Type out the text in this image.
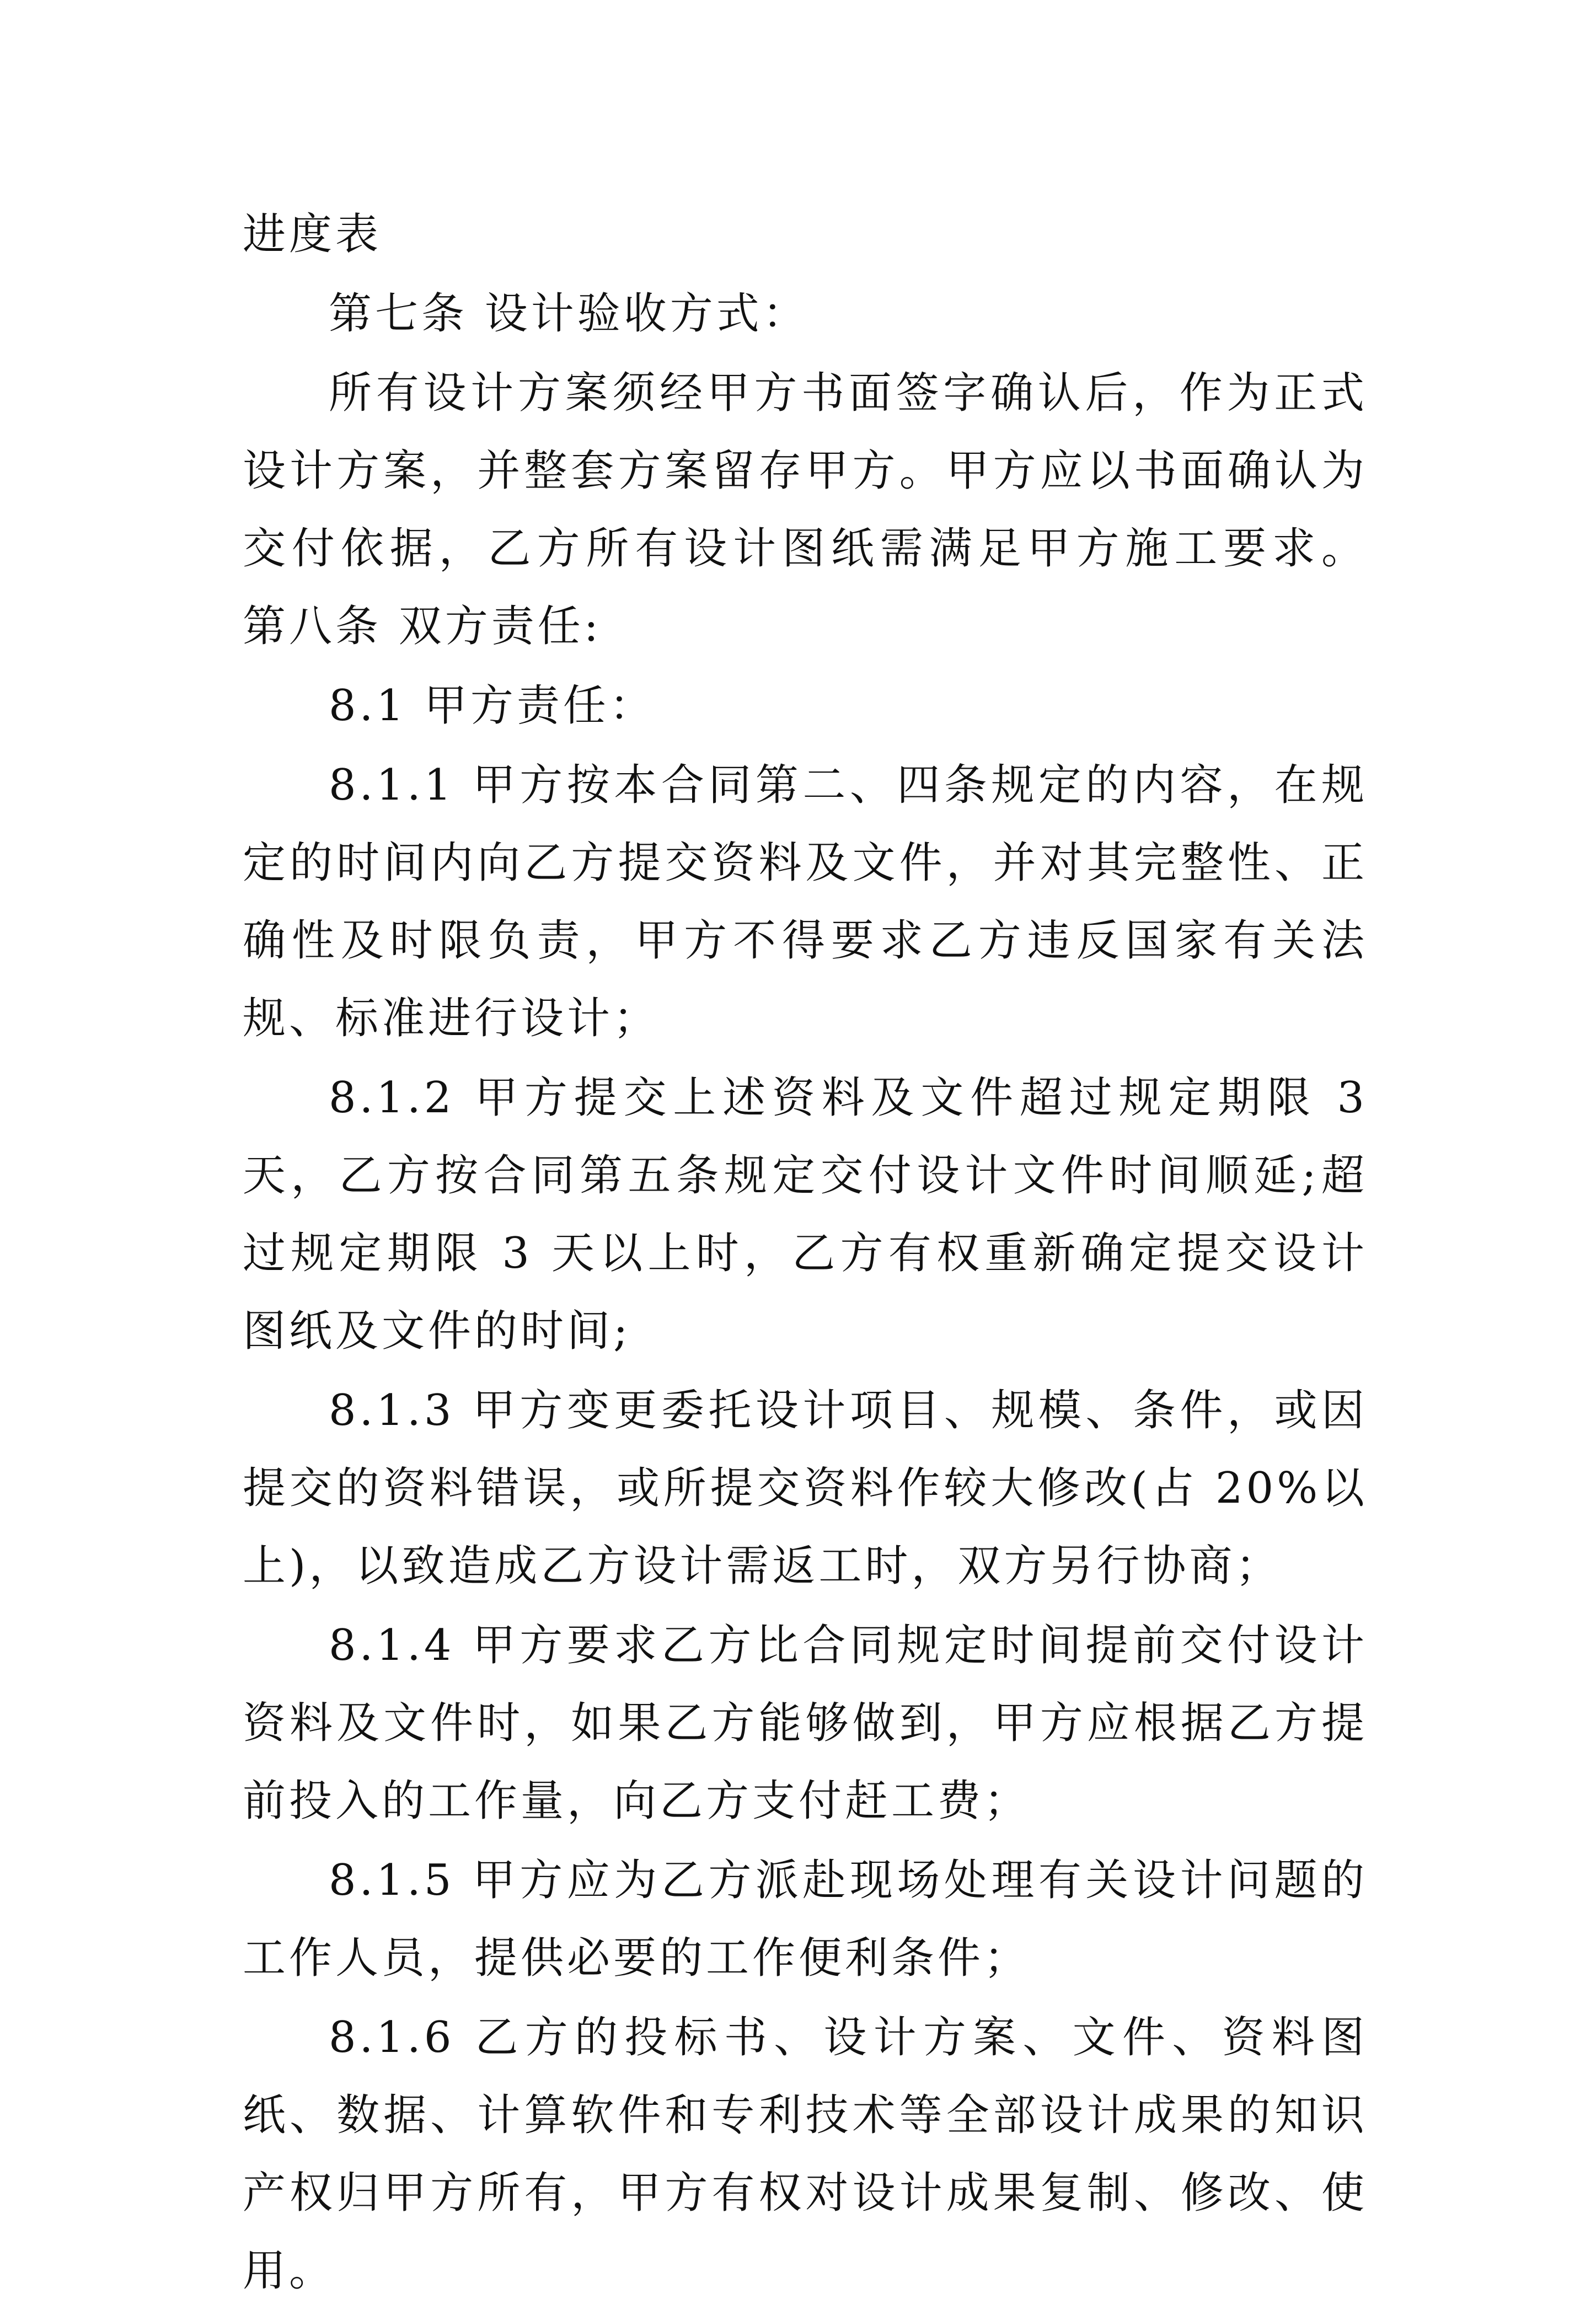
进度表

第七条 设计验收方式：

所有设计方案须经甲方书面签字确认后，作为正式设计方案，并整套方案留存甲方。甲方应以书面确认为交付依据，乙方所有设计图纸需满足甲方施工要求。 第八条 双方责任:

8.1 甲方责任：

8.1.1 甲方按本合同第二、四条规定的内容，在规定的时间内向乙方提交资料及文件，并对其完整性、正确性及时限负责，甲方不得要求乙方违反国家有关法规、标准进行设计；

8.1.2 甲方提交上述资料及文件超过规定期限 3 天，乙方按合同第五条规定交付设计文件时间顺延;超过规定期限 3 天以上时，乙方有权重新确定提交设计图纸及文件的时间;

8.1.3 甲方变更委托设计项目、规模、条件，或因提交的资料错误，或所提交资料作较大修改(占 20%以上)，以致造成乙方设计需返工时，双方另行协商；

8.1.4 甲方要求乙方比合同规定时间提前交付设计资料及文件时，如果乙方能够做到，甲方应根据乙方提前投入的工作量，向乙方支付赶工费；

8.1.5 甲方应为乙方派赴现场处理有关设计问题的工作人员，提供必要的工作便利条件；

8.1.6 乙方的投标书、设计方案、文件、资料图纸、数据、计算软件和专利技术等全部设计成果的知识产权归甲方所有，甲方有权对设计成果复制、修改、使用。
